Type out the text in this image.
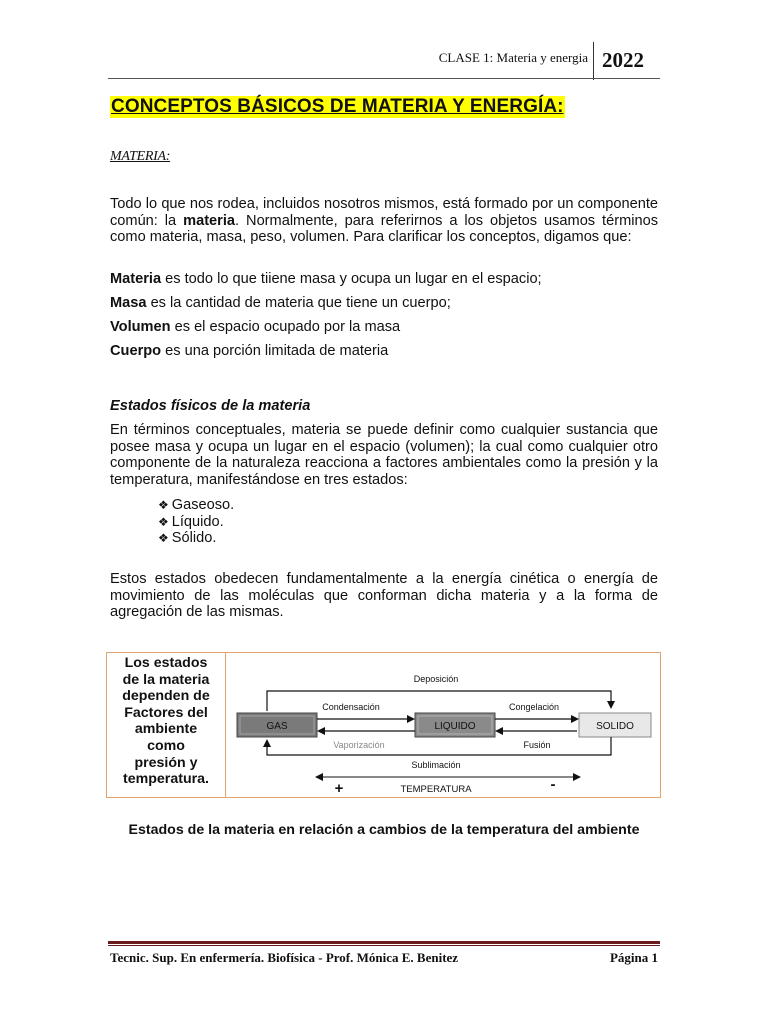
CLASE 1: Materia y energia 2022
CONCEPTOS BÁSICOS DE MATERIA Y ENERGÍA:
MATERIA:

Todo lo que nos rodea, incluidos nosotros mismos, está formado por un componente común: la materia. Normalmente, para referirnos a los objetos usamos términos como materia, masa, peso, volumen. Para clarificar los conceptos, digamos que:

Materia es todo lo que tiiene masa y ocupa un lugar en el espacio;
Masa es la cantidad de materia que tiene un cuerpo;
Volumen es el espacio ocupado por la masa
Cuerpo es una porción limitada de materia
Estados físicos de la materia

En términos conceptuales, materia se puede definir como cualquier sustancia que posee masa y ocupa un lugar en el espacio (volumen); la cual como cualquier otro componente de la naturaleza reacciona a factores ambientales como la presión y la temperatura, manifestándose en tres estados:

❖ Gaseoso.
❖ Líquido.
❖ Sólido.

Estos estados obedecen fundamentalmente a la energía cinética o energía de movimiento de las moléculas que conforman dicha materia y a la forma de agregación de las mismas.

Los estados
de la materia
dependen de
Factores del
ambiente
como
presión y
temperatura.
Deposición
GAS	LIQUIDO	SOLIDO
Condensación
Vaporización
Congelación
Fusión
Sublimación
+	TEMPERATURA	-
Estados de la materia en relación a cambios de la temperatura del ambiente
Tecnic. Sup. En enfermería. Biofísica - Prof. Mónica E. Benitez	Página 1
